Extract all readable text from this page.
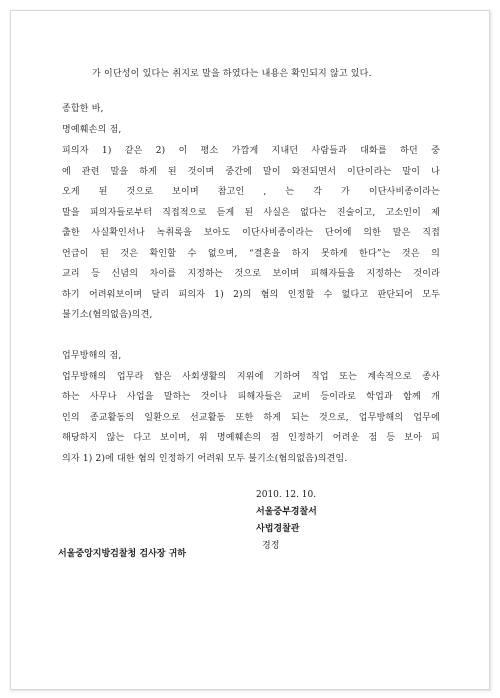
가 이단성이 있다는 취지로 말을 하였다는 내용은 확인되지 않고 있다.
종합한 바,
명예훼손의 점,
피의자 1) 같은 2) 이 평소 가깝게 지내던 사람들과 대화를 하던 중
에 관련 말을 하게 된 것이며 중간에 말이 와전되면서 이단이라는 말이 나
오게 된 것으로 보이며 참고인 , 는 각 가 이단사비종이라는
말을 피의자들로부터 직접적으로 듣게 된 사실은 없다는 진술이고, 고소인이 제
출한 사실확인서나 녹취록을 보아도 이단사비종이라는 단어에 의한 말은 직접
언급이 된 것은 확인할 수 없으며, “결혼을 하지 못하게 한다”는 것은 의
교리 등 신념의 차이를 지정하는 것으로 보이며 피해자들을 지정하는 것이라
하기 어려워보이며 달리 피의자 1) 2)의 혐의 인정할 수 없다고 판단되어 모두
불기소(혐의없음)의견,
업무방해의 점,
업무방해의 업무라 함은 사회생활의 지위에 기하여 직업 또는 계속적으로 종사
하는 사무나 사업을 말하는 것이나 피해자들은 교비 등이라로 학업과 함께 개
인의 종교활동의 일환으로 선교활동 또한 하게 되는 것으로, 업무방해의 업무에
해당하지 않는 다고 보이며, 위 명예훼손의 점 인정하기 어려운 점 등 보아 피
의자 1) 2)에 대한 혐의 인정하기 어려워 모두 불기소(혐의없음)의견임.
2010. 12. 10.
서울중부경찰서
사법경찰관
경정
서울중앙지방검찰청 검사장 귀하
